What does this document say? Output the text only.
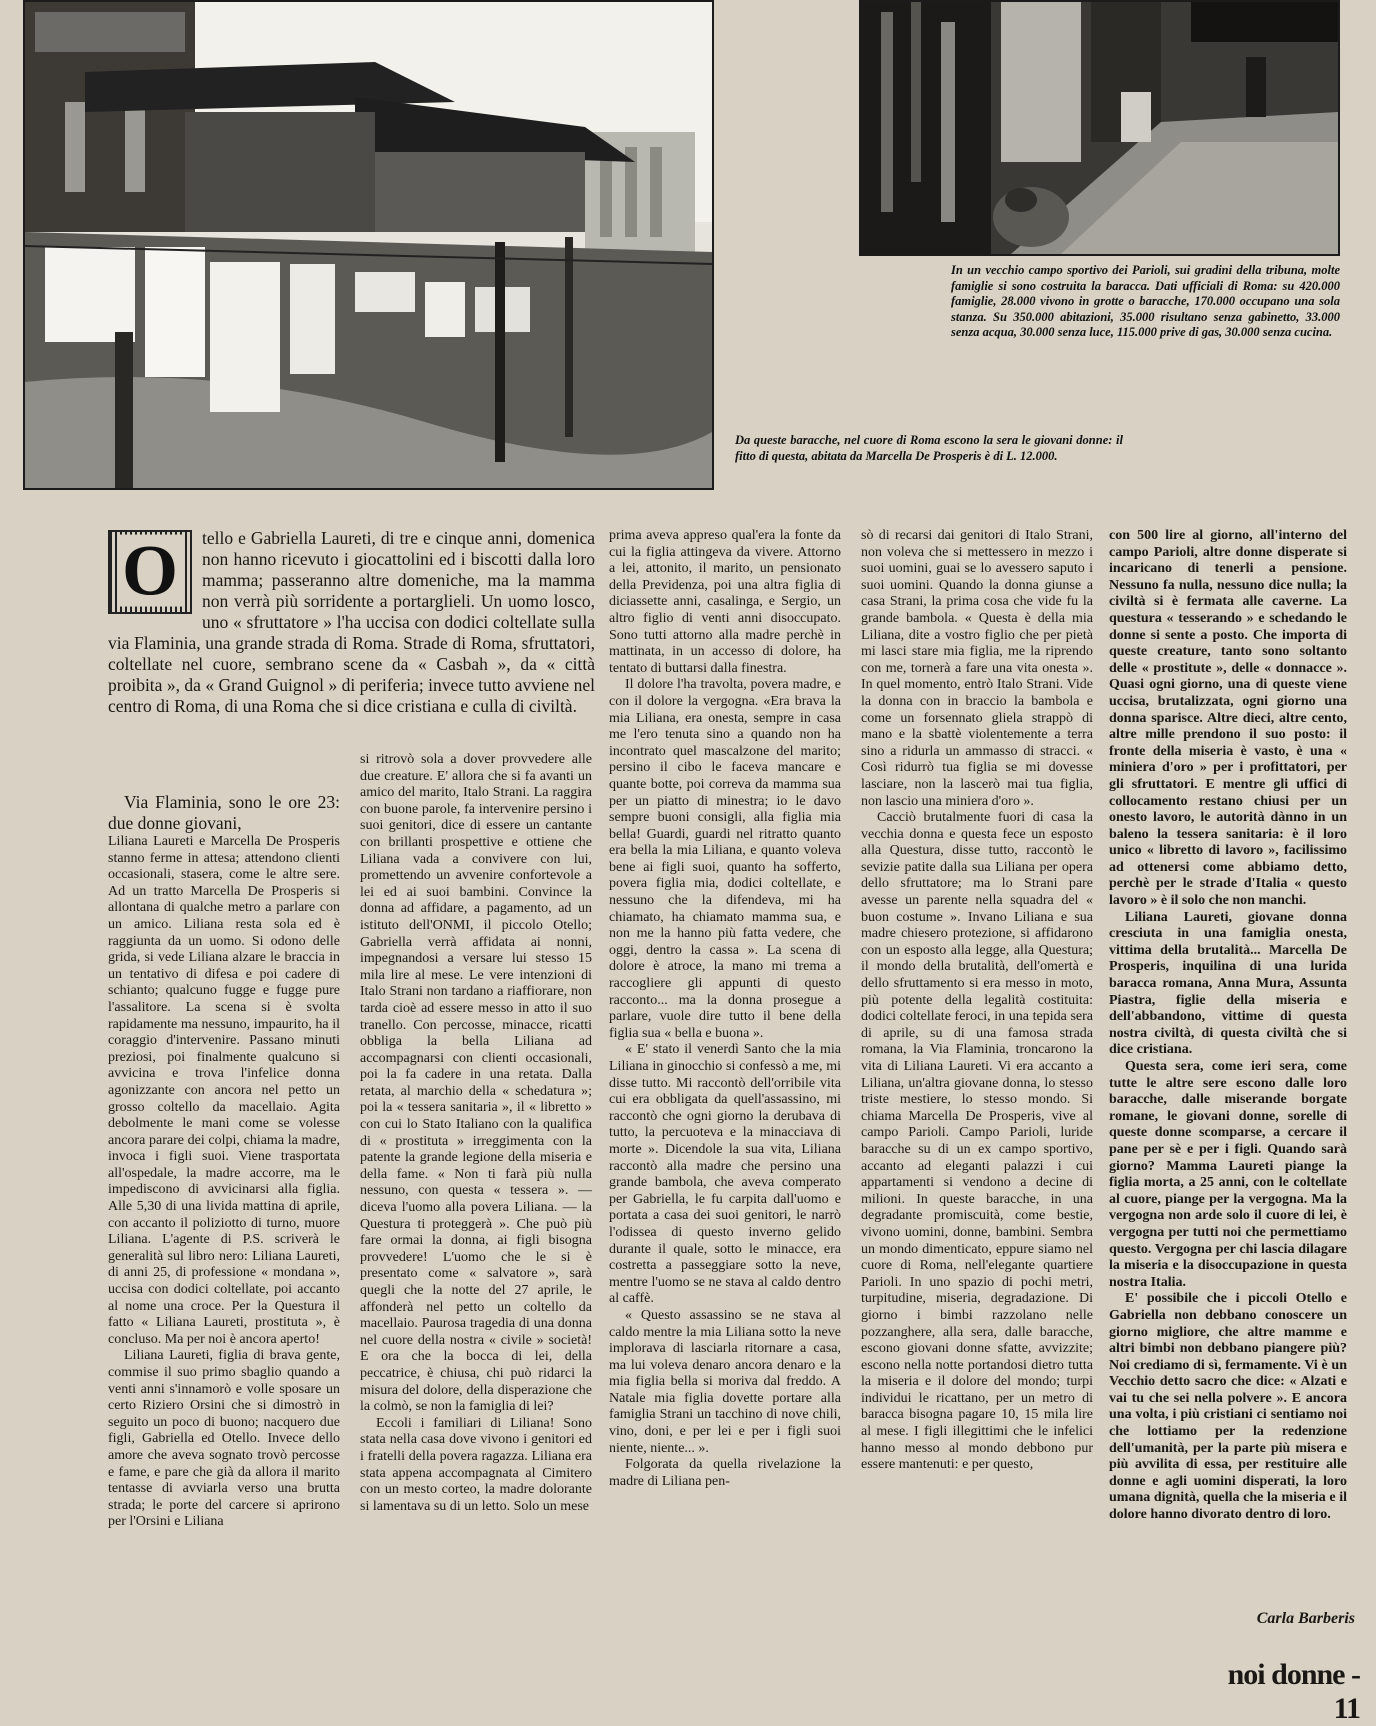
In un vecchio campo sportivo dei Parioli, sui gradini della tribuna, molte famiglie si sono costruita la baracca. Dati ufficiali di Roma: su 420.000 famiglie, 28.000 vivono in grotte o baracche, 170.000 occupano una sola stanza. Su 350.000 abitazioni, 35.000 risultano senza gabinetto, 33.000 senza acqua, 30.000 senza luce, 115.000 prive di gas, 30.000 senza cucina.
Da queste baracche, nel cuore di Roma escono la sera le giovani donne: il fitto di questa, abitata da Marcella De Prosperis è di L. 12.000.
O	tello e Gabriella Laureti, di tre e cinque anni, domenica non hanno ricevuto i giocattolini ed i biscotti dalla loro mamma; passeranno altre domeniche, ma la mamma non verrà più sorridente a portarglieli. Un uomo losco, uno « sfruttatore » l'ha uccisa con dodici coltellate sulla via Flaminia, una grande strada di Roma. Strade di Roma, sfruttatori, coltellate nel cuore, sembrano scene da « Casbah », da « città proibita », da « Grand Guignol » di periferia; invece tutto avviene nel centro di Roma, di una Roma che si dice cristiana e culla di civiltà.

Via Flaminia, sono le ore 23: due donne giovani,

Liliana Laureti e Marcella De Prosperis stanno ferme in attesa; attendono clienti occasionali, stasera, come le altre sere. Ad un tratto Marcella De Prosperis si allontana di qualche metro a parlare con un amico. Liliana resta sola ed è raggiunta da un uomo. Si odono delle grida, si vede Liliana alzare le braccia in un tentativo di difesa e poi cadere di schianto; qualcuno fugge e fugge pure l'assalitore. La scena si è svolta rapidamente ma nessuno, impaurito, ha il coraggio d'intervenire. Passano minuti preziosi, poi finalmente qualcuno si avvicina e trova l'infelice donna agonizzante con ancora nel petto un grosso coltello da macellaio. Agita debolmente le mani come se volesse ancora parare dei colpi, chiama la madre, invoca i figli suoi. Viene trasportata all'ospedale, la madre accorre, ma le impediscono di avvicinarsi alla figlia. Alle 5,30 di una livida mattina di aprile, con accanto il poliziotto di turno, muore Liliana. L'agente di P.S. scriverà le generalità sul libro nero: Liliana Laureti, di anni 25, di professione « mondana », uccisa con dodici coltellate, poi accanto al nome una croce. Per la Questura il fatto « Liliana Laureti, prostituta », è concluso. Ma per noi è ancora aperto!

Liliana Laureti, figlia di brava gente, commise il suo primo sbaglio quando a venti anni s'innamorò e volle sposare un certo Riziero Orsini che si dimostrò in seguito un poco di buono; nacquero due figli, Gabriella ed Otello. Invece dello amore che aveva sognato trovò percosse e fame, e pare che già da allora il marito tentasse di avviarla verso una brutta strada; le porte del carcere si aprirono per l'Orsini e Liliana

si ritrovò sola a dover provvedere alle due creature. E' allora che si fa avanti un amico del marito, Italo Strani. La raggira con buone parole, fa intervenire persino i suoi genitori, dice di essere un cantante con brillanti prospettive e ottiene che Liliana vada a convivere con lui, promettendo un avvenire confortevole a lei ed ai suoi bambini. Convince la donna ad affidare, a pagamento, ad un istituto dell'ONMI, il piccolo Otello; Gabriella verrà affidata ai nonni, impegnandosi a versare lui stesso 15 mila lire al mese. Le vere intenzioni di Italo Strani non tardano a riaffiorare, non tarda cioè ad essere messo in atto il suo tranello. Con percosse, minacce, ricatti obbliga la bella Liliana ad accompagnarsi con clienti occasionali, poi la fa cadere in una retata. Dalla retata, al marchio della « schedatura »; poi la « tessera sanitaria », il « libretto » con cui lo Stato Italiano con la qualifica di « prostituta » irreggimenta con la patente la grande legione della miseria e della fame. « Non ti farà più nulla nessuno, con questa « tessera ». — diceva l'uomo alla povera Liliana. — la Questura ti proteggerà ». Che può più fare ormai la donna, ai figli bisogna provvedere! L'uomo che le si è presentato come « salvatore », sarà quegli che la notte del 27 aprile, le affonderà nel petto un coltello da macellaio. Paurosa tragedia di una donna nel cuore della nostra « civile » società! E ora che la bocca di lei, della peccatrice, è chiusa, chi può ridarci la misura del dolore, della disperazione che la colmò, se non la famiglia di lei?

Eccoli i familiari di Liliana! Sono stata nella casa dove vivono i genitori ed i fratelli della povera ragazza. Liliana era stata appena accompagnata al Cimitero con un mesto corteo, la madre dolorante si lamentava su di un letto. Solo un mese

prima aveva appreso qual'era la fonte da cui la figlia attingeva da vivere. Attorno a lei, attonito, il marito, un pensionato della Previdenza, poi una altra figlia di diciassette anni, casalinga, e Sergio, un altro figlio di venti anni disoccupato. Sono tutti attorno alla madre perchè in mattinata, in un accesso di dolore, ha tentato di buttarsi dalla finestra.

Il dolore l'ha travolta, povera madre, e con il dolore la vergogna. «Era brava la mia Liliana, era onesta, sempre in casa me l'ero tenuta sino a quando non ha incontrato quel mascalzone del marito; persino il cibo le faceva mancare e quante botte, poi correva da mamma sua per un piatto di minestra; io le davo sempre buoni consigli, alla figlia mia bella! Guardi, guardi nel ritratto quanto era bella la mia Liliana, e quanto voleva bene ai figli suoi, quanto ha sofferto, povera figlia mia, dodici coltellate, e nessuno che la difendeva, mi ha chiamato, ha chiamato mamma sua, e non me la hanno più fatta vedere, che oggi, dentro la cassa ». La scena di dolore è atroce, la mano mi trema a raccogliere gli appunti di questo racconto... ma la donna prosegue a parlare, vuole dire tutto il bene della figlia sua « bella e buona ».

« E' stato il venerdì Santo che la mia Liliana in ginocchio si confessò a me, mi disse tutto. Mi raccontò dell'orribile vita cui era obbligata da quell'assassino, mi raccontò che ogni giorno la derubava di tutto, la percuoteva e la minacciava di morte ». Dicendole la sua vita, Liliana raccontò alla madre che persino una grande bambola, che aveva comperato per Gabriella, le fu carpita dall'uomo e portata a casa dei suoi genitori, le narrò l'odissea di questo inverno gelido durante il quale, sotto le minacce, era costretta a passeggiare sotto la neve, mentre l'uomo se ne stava al caldo dentro al caffè.

« Questo assassino se ne stava al caldo mentre la mia Liliana sotto la neve implorava di lasciarla ritornare a casa, ma lui voleva denaro ancora denaro e la mia figlia bella si moriva dal freddo. A Natale mia figlia dovette portare alla famiglia Strani un tacchino di nove chili, vino, doni, e per lei e per i figli suoi niente, niente... ».

Folgorata da quella rivelazione la madre di Liliana pen-

sò di recarsi dai genitori di Italo Strani, non voleva che si mettessero in mezzo i suoi uomini, guai se lo avessero saputo i suoi uomini. Quando la donna giunse a casa Strani, la prima cosa che vide fu la grande bambola. « Questa è della mia Liliana, dite a vostro figlio che per pietà mi lasci stare mia figlia, me la riprendo con me, tornerà a fare una vita onesta ». In quel momento, entrò Italo Strani. Vide la donna con in braccio la bambola e come un forsennato gliela strappò di mano e la sbattè violentemente a terra sino a ridurla un ammasso di stracci. « Così ridurrò tua figlia se mi dovesse lasciare, non la lascerò mai tua figlia, non lascio una miniera d'oro ».

Cacciò brutalmente fuori di casa la vecchia donna e questa fece un esposto alla Questura, disse tutto, raccontò le sevizie patite dalla sua Liliana per opera dello sfruttatore; ma lo Strani pare avesse un parente nella squadra del « buon costume ». Invano Liliana e sua madre chiesero protezione, si affidarono con un esposto alla legge, alla Questura; il mondo della brutalità, dell'omertà e dello sfruttamento si era messo in moto, più potente della legalità costituita: dodici coltellate feroci, in una tepida sera di aprile, su di una famosa strada romana, la Via Flaminia, troncarono la vita di Liliana Laureti. Vi era accanto a Liliana, un'altra giovane donna, lo stesso triste mestiere, lo stesso mondo. Si chiama Marcella De Prosperis, vive al campo Parioli. Campo Parioli, luride baracche su di un ex campo sportivo, accanto ad eleganti palazzi i cui appartamenti si vendono a decine di milioni. In queste baracche, in una degradante promiscuità, come bestie, vivono uomini, donne, bambini. Sembra un mondo dimenticato, eppure siamo nel cuore di Roma, nell'elegante quartiere Parioli. In uno spazio di pochi metri, turpitudine, miseria, degradazione. Di giorno i bimbi razzolano nelle pozzanghere, alla sera, dalle baracche, escono giovani donne sfatte, avvizzite; escono nella notte portandosi dietro tutta la miseria e il dolore del mondo; turpi individui le ricattano, per un metro di baracca bisogna pagare 10, 15 mila lire al mese. I figli illegittimi che le infelici hanno messo al mondo debbono pur essere mantenuti: e per questo,

con 500 lire al giorno, all'interno del campo Parioli, altre donne disperate si incaricano di tenerli a pensione. Nessuno fa nulla, nessuno dice nulla; la civiltà si è fermata alle caverne. La questura « tesserando » e schedando le donne si sente a posto. Che importa di queste creature, tanto sono soltanto delle « prostitute », delle « donnacce ». Quasi ogni giorno, una di queste viene uccisa, brutalizzata, ogni giorno una donna sparisce. Altre dieci, altre cento, altre mille prendono il suo posto: il fronte della miseria è vasto, è una « miniera d'oro » per i profittatori, per gli sfruttatori. E mentre gli uffici di collocamento restano chiusi per un onesto lavoro, le autorità dànno in un baleno la tessera sanitaria: è il loro unico « libretto di lavoro », facilissimo ad ottenersi come abbiamo detto, perchè per le strade d'Italia « questo lavoro » è il solo che non manchi.

Liliana Laureti, giovane donna cresciuta in una famiglia onesta, vittima della brutalità... Marcella De Prosperis, inquilina di una lurida baracca romana, Anna Mura, Assunta Piastra, figlie della miseria e dell'abbandono, vittime di questa nostra civiltà, di questa civiltà che si dice cristiana.

Questa sera, come ieri sera, come tutte le altre sere escono dalle loro baracche, dalle miserande borgate romane, le giovani donne, sorelle di queste donne scomparse, a cercare il pane per sè e per i figli. Quando sarà giorno? Mamma Laureti piange la figlia morta, a 25 anni, con le coltellate al cuore, piange per la vergogna. Ma la vergogna non arde solo il cuore di lei, è vergogna per tutti noi che permettiamo questo. Vergogna per chi lascia dilagare la miseria e la disoccupazione in questa nostra Italia.

E' possibile che i piccoli Otello e Gabriella non debbano conoscere un giorno migliore, che altre mamme e altri bimbi non debbano piangere più? Noi crediamo di sì, fermamente. Vi è un Vecchio detto sacro che dice: « Alzati e vai tu che sei nella polvere ». E ancora una volta, i più cristiani ci sentiamo noi che lottiamo per la redenzione dell'umanità, per la parte più misera e più avvilita di essa, per restituire alle donne e agli uomini disperati, la loro umana dignità, quella che la miseria e il dolore hanno divorato dentro di loro.

Carla Barberis
noi donne - 11
